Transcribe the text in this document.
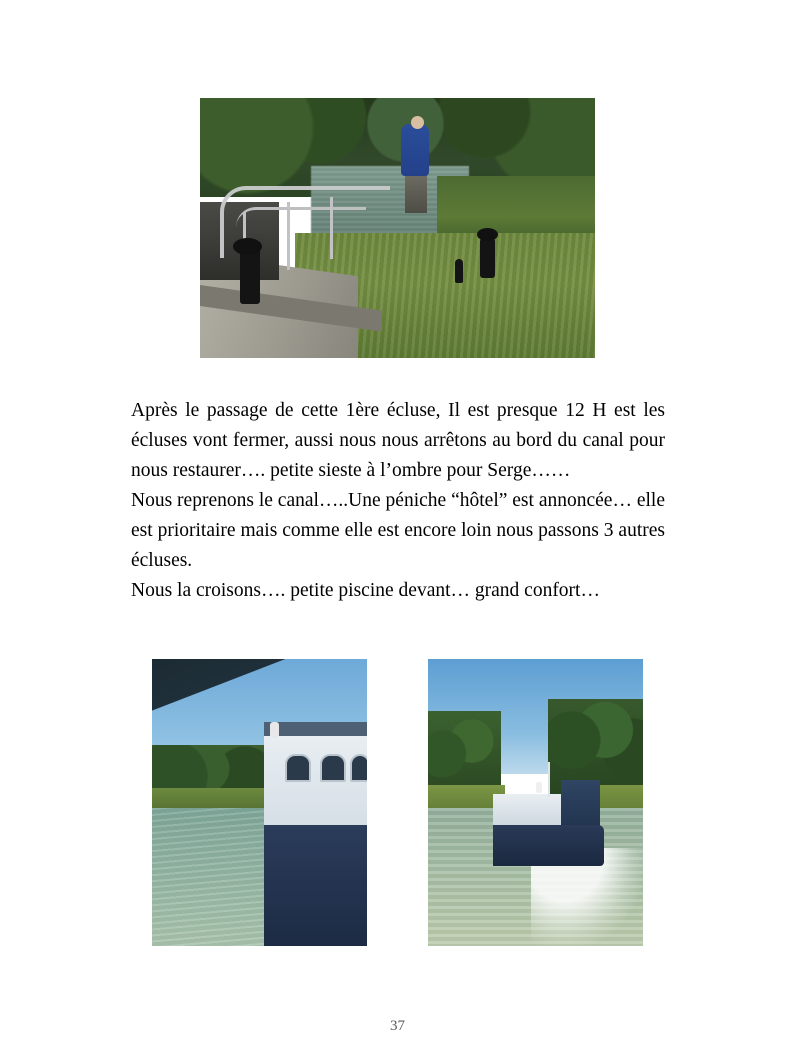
Après le passage de cette 1ère écluse, Il est presque 12 H est les écluses vont fermer, aussi nous nous arrêtons au bord du canal pour nous restaurer…. petite sieste à l’ombre pour Serge……

Nous reprenons le canal…..Une péniche “hôtel” est annoncée… elle est prioritaire mais comme elle est encore loin nous passons 3 autres écluses.

Nous la croisons…. petite piscine devant… grand confort…

37
